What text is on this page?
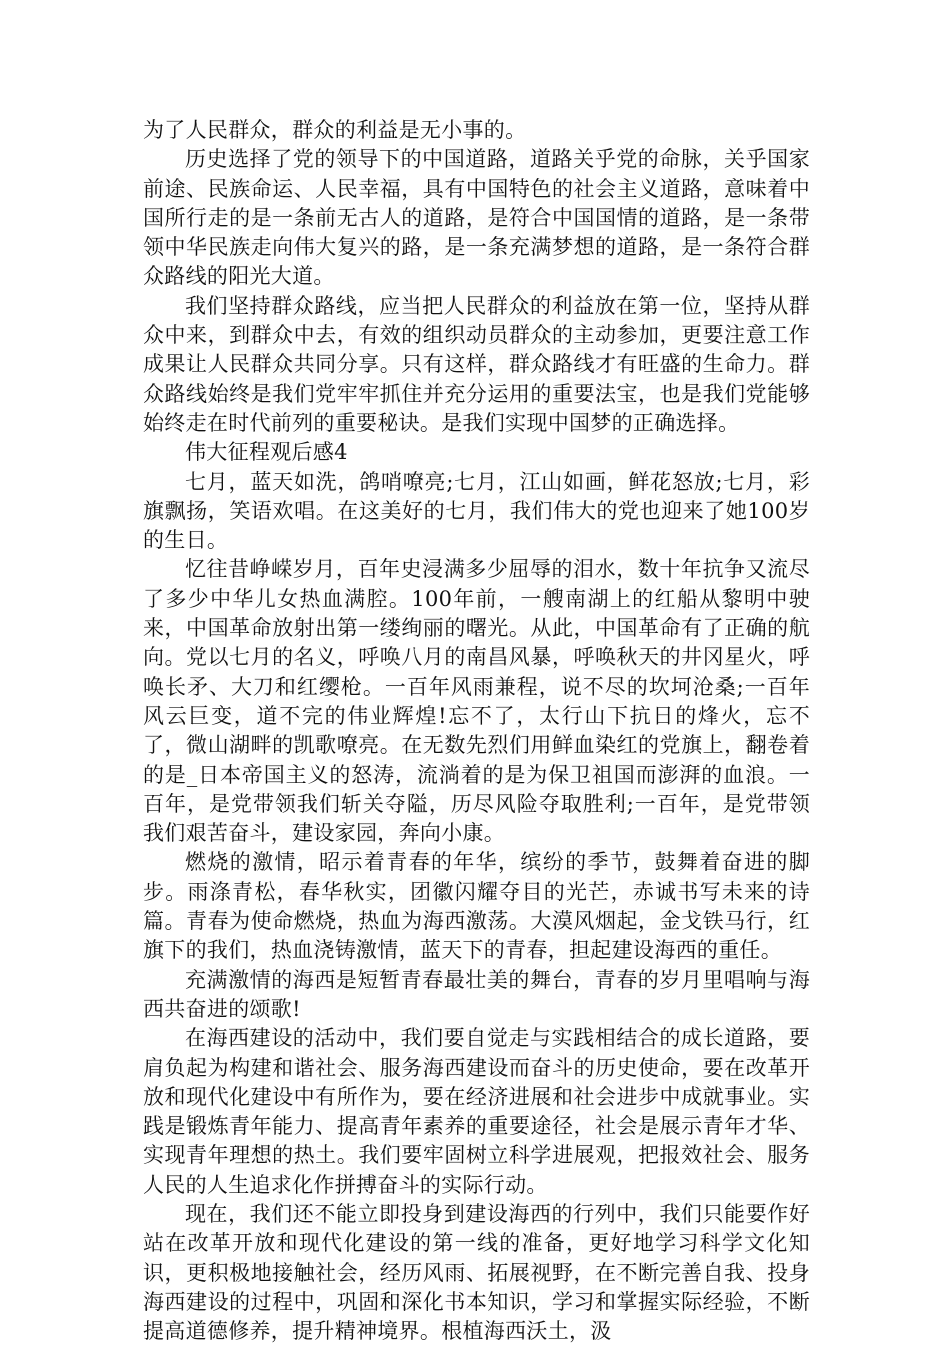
为了人民群众，群众的利益是无小事的。

历史选择了党的领导下的中国道路，道路关乎党的命脉，关乎国家前途、民族命运、人民幸福，具有中国特色的社会主义道路，意味着中国所行走的是一条前无古人的道路，是符合中国国情的道路，是一条带领中华民族走向伟大复兴的路，是一条充满梦想的道路，是一条符合群众路线的阳光大道。

我们坚持群众路线，应当把人民群众的利益放在第一位，坚持从群众中来，到群众中去，有效的组织动员群众的主动参加，更要注意工作成果让人民群众共同分享。只有这样，群众路线才有旺盛的生命力。群众路线始终是我们党牢牢抓住并充分运用的重要法宝，也是我们党能够始终走在时代前列的重要秘诀。是我们实现中国梦的正确选择。

伟大征程观后感4

七月，蓝天如洗，鸽哨嘹亮;七月，江山如画，鲜花怒放;七月，彩旗飘扬，笑语欢唱。在这美好的七月，我们伟大的党也迎来了她100岁的生日。

忆往昔峥嵘岁月，百年史浸满多少屈辱的泪水，数十年抗争又流尽了多少中华儿女热血满腔。100年前，一艘南湖上的红船从黎明中驶来，中国革命放射出第一缕绚丽的曙光。从此，中国革命有了正确的航向。党以七月的名义，呼唤八月的南昌风暴，呼唤秋天的井冈星火，呼唤长矛、大刀和红缨枪。一百年风雨兼程，说不尽的坎坷沧桑;一百年风云巨变，道不完的伟业辉煌!忘不了，太行山下抗日的烽火，忘不了，微山湖畔的凯歌嘹亮。在无数先烈们用鲜血染红的党旗上，翻卷着的是_日本帝国主义的怒涛，流淌着的是为保卫祖国而澎湃的血浪。一百年，是党带领我们斩关夺隘，历尽风险夺取胜利;一百年，是党带领我们艰苦奋斗，建设家园，奔向小康。

燃烧的激情，昭示着青春的年华，缤纷的季节，鼓舞着奋进的脚步。雨涤青松，春华秋实，团徽闪耀夺目的光芒，赤诚书写未来的诗篇。青春为使命燃烧，热血为海西激荡。大漠风烟起，金戈铁马行，红旗下的我们，热血浇铸激情，蓝天下的青春，担起建设海西的重任。

充满激情的海西是短暂青春最壮美的舞台，青春的岁月里唱响与海西共奋进的颂歌!

在海西建设的活动中，我们要自觉走与实践相结合的成长道路，要肩负起为构建和谐社会、服务海西建设而奋斗的历史使命，要在改革开放和现代化建设中有所作为，要在经济进展和社会进步中成就事业。实践是锻炼青年能力、提高青年素养的重要途径，社会是展示青年才华、实现青年理想的热土。我们要牢固树立科学进展观，把报效社会、服务人民的人生追求化作拼搏奋斗的实际行动。

现在，我们还不能立即投身到建设海西的行列中，我们只能要作好站在改革开放和现代化建设的第一线的准备，更好地学习科学文化知识，更积极地接触社会，经历风雨、拓展视野，在不断完善自我、投身海西建设的过程中，巩固和深化书本知识，学习和掌握实际经验，不断提高道德修养，提升精神境界。根植海西沃土，汲
